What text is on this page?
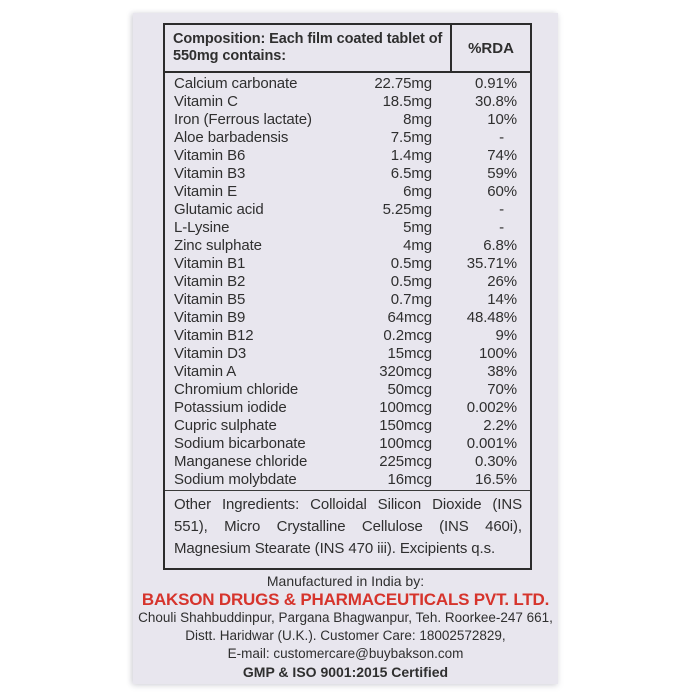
Composition: Each film coated tablet of 550mg contains:	%RDA
Calcium carbonate	22.75mg	0.91%
Vitamin C	18.5mg	30.8%
Iron (Ferrous lactate)	8mg	10%
Aloe barbadensis	7.5mg	-
Vitamin B6	1.4mg	74%
Vitamin B3	6.5mg	59%
Vitamin E	6mg	60%
Glutamic acid	5.25mg	-
L-Lysine	5mg	-
Zinc sulphate	4mg	6.8%
Vitamin B1	0.5mg	35.71%
Vitamin B2	0.5mg	26%
Vitamin B5	0.7mg	14%
Vitamin B9	64mcg	48.48%
Vitamin B12	0.2mcg	9%
Vitamin D3	15mcg	100%
Vitamin A	320mcg	38%
Chromium chloride	50mcg	70%
Potassium iodide	100mcg	0.002%
Cupric sulphate	150mcg	2.2%
Sodium bicarbonate	100mcg	0.001%
Manganese chloride	225mcg	0.30%
Sodium molybdate	16mcg	16.5%
Other Ingredients: Colloidal Silicon Dioxide (INS 551), Micro Crystalline Cellulose (INS 460i), Magnesium Stearate (INS 470 iii). Excipients q.s.
Manufactured in India by:
BAKSON DRUGS & PHARMACEUTICALS PVT. LTD.
Chouli Shahbuddinpur, Pargana Bhagwanpur, Teh. Roorkee-247 661,
Distt. Haridwar (U.K.). Customer Care: 18002572829,
E-mail: customercare@buybakson.com
GMP & ISO 9001:2015 Certified
